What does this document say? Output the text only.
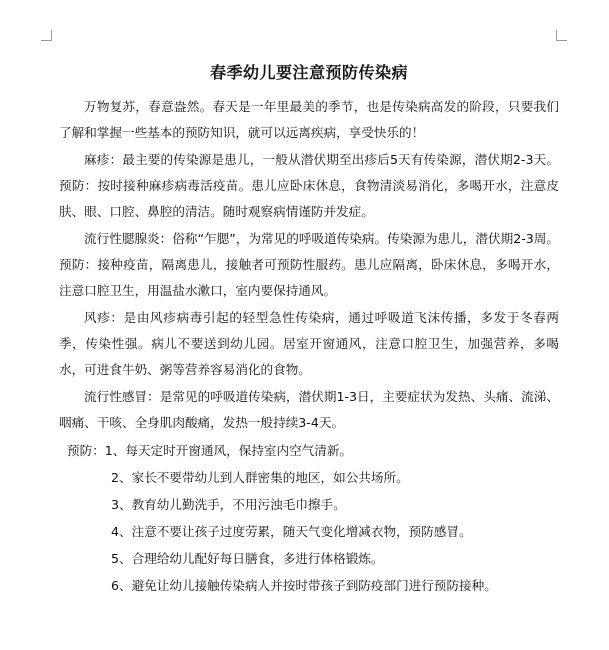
春季幼儿要注意预防传染病

万物复苏，春意盎然。春天是一年里最美的季节，也是传染病高发的阶段，只要我们了解和掌握一些基本的预防知识，就可以远离疾病，享受快乐的！

麻疹：最主要的传染源是患儿，一般从潜伏期至出疹后5天有传染源，潜伏期2-3天。预防：按时接种麻疹病毒活疫苗。患儿应卧床休息，食物清淡易消化，多喝开水，注意皮肤、眼、口腔、鼻腔的清洁。随时观察病情谨防并发症。

流行性腮腺炎：俗称“乍腮”，为常见的呼吸道传染病。传染源为患儿，潜伏期2-3周。预防：接种疫苗，隔离患儿，接触者可预防性服药。患儿应隔离，卧床休息，多喝开水，注意口腔卫生，用温盐水漱口，室内要保持通风。

风疹：是由风疹病毒引起的轻型急性传染病，通过呼吸道飞沫传播，多发于冬春两季，传染性强。病儿不要送到幼儿园。居室开窗通风，注意口腔卫生，加强营养，多喝水，可进食牛奶、粥等营养容易消化的食物。

流行性感冒：是常见的呼吸道传染病，潜伏期1-3日，主要症状为发热、头痛、流涕、咽痛、干咳、全身肌肉酸痛，发热一般持续3-4天。

预防：1、每天定时开窗通风，保持室内空气清新。
2、家长不要带幼儿到人群密集的地区，如公共场所。
3、教育幼儿勤洗手，不用污浊毛巾擦手。
4、注意不要让孩子过度劳累，随天气变化增减衣物，预防感冒。
5、合理给幼儿配好每日膳食，多进行体格锻炼。
6、避免让幼儿接触传染病人并按时带孩子到防疫部门进行预防接种。
